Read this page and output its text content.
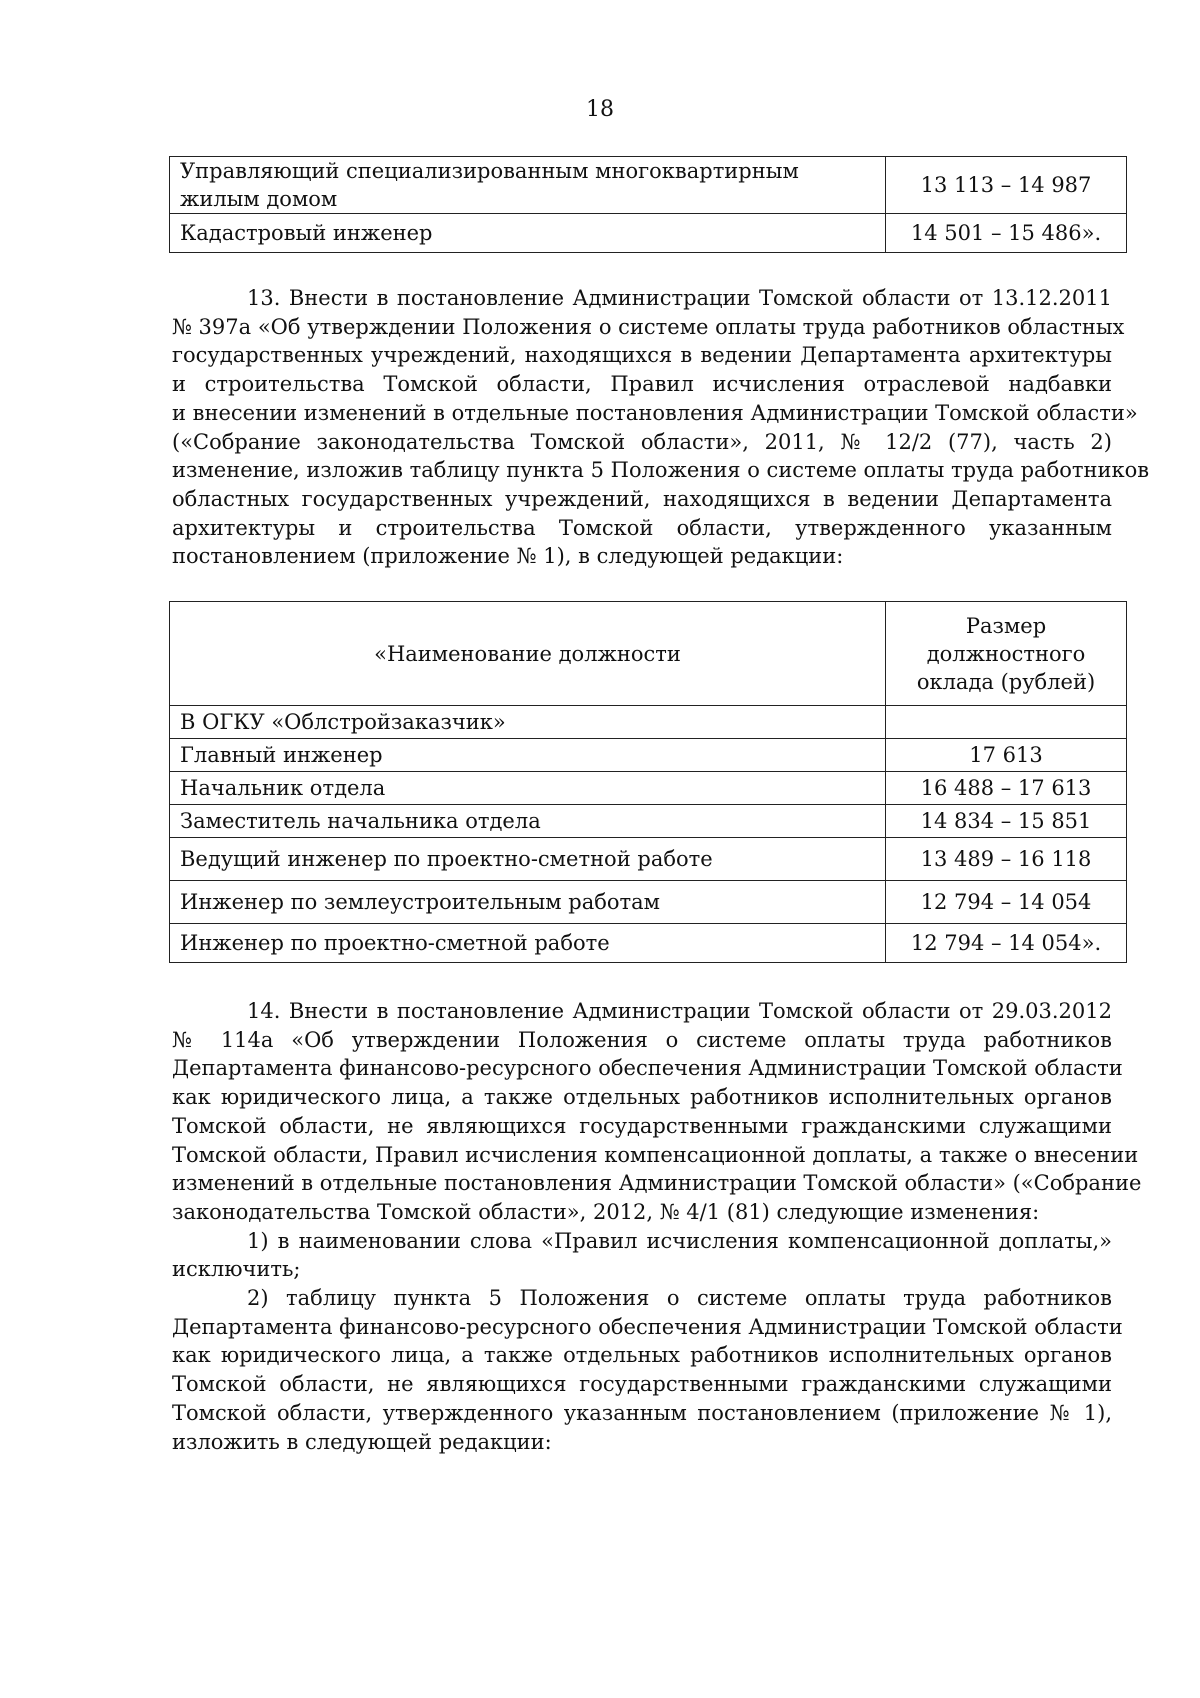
18
Управляющий специализированным многоквартирным жилым домом	13 113 – 14 987
Кадастровый инженер	14 501 – 15 486».
13. Внести в постановление Администрации Томской области от 13.12.2011
№ 397а «Об утверждении Положения о системе оплаты труда работников областных
государственных учреждений, находящихся в ведении Департамента архитектуры
и строительства Томской области, Правил исчисления отраслевой надбавки
и внесении изменений в отдельные постановления Администрации Томской области»
(«Собрание законодательства Томской области», 2011, № 12/2 (77), часть 2)
изменение, изложив таблицу пункта 5 Положения о системе оплаты труда работников
областных государственных учреждений, находящихся в ведении Департамента
архитектуры и строительства Томской области, утвержденного указанным
постановлением (приложение № 1), в следующей редакции:
«Наименование должности	Размер должностного оклада (рублей)
В ОГКУ «Облстройзаказчик»	
Главный инженер	17 613
Начальник отдела	16 488 – 17 613
Заместитель начальника отдела	14 834 – 15 851
Ведущий инженер по проектно-сметной работе	13 489 – 16 118
Инженер по землеустроительным работам	12 794 – 14 054
Инженер по проектно-сметной работе	12 794 – 14 054».
14. Внести в постановление Администрации Томской области от 29.03.2012
№ 114а «Об утверждении Положения о системе оплаты труда работников
Департамента финансово-ресурсного обеспечения Администрации Томской области
как юридического лица, а также отдельных работников исполнительных органов
Томской области, не являющихся государственными гражданскими служащими
Томской области, Правил исчисления компенсационной доплаты, а также о внесении
изменений в отдельные постановления Администрации Томской области» («Собрание
законодательства Томской области», 2012, № 4/1 (81) следующие изменения:
1) в наименовании слова «Правил исчисления компенсационной доплаты,»
исключить;
2) таблицу пункта 5 Положения о системе оплаты труда работников
Департамента финансово-ресурсного обеспечения Администрации Томской области
как юридического лица, а также отдельных работников исполнительных органов
Томской области, не являющихся государственными гражданскими служащими
Томской области, утвержденного указанным постановлением (приложение № 1),
изложить в следующей редакции:
